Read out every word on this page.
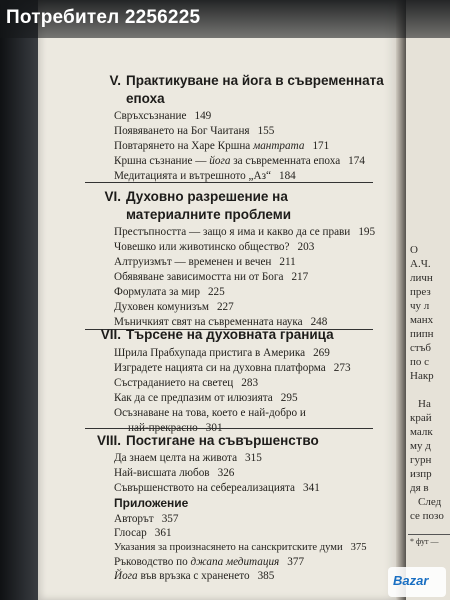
V. Практикуване на йога в съвременната епоха
Свръхсъзнание 149
Появяването на Бог Чаитаня 155
Повтарянето на Харе Кршна мантрата 171
Кршна съзнание — йога за съвременната епоха 174
Медитацията и вътрешното „Аз“ 184
VI. Духовно разрешение на материалните проблеми
Престъпността — защо я има и какво да се прави 195
Човешко или животинско общество? 203
Алтруизмът — временен и вечен 211
Обявяване зависимостта ни от Бога 217
Формулата за мир 225
Духовен комунизъм 227
Мъничкият свят на съвременната наука 248
VII. Търсене на духовната граница
Шрила Прабхупада пристига в Америка 269
Изградете нацията си на духовна платформа 273
Състраданието на светец 283
Как да се предпазим от илюзията 295
Осъзнаване на това, което е най-добро и
най-прекрасно 301
VIII. Постигане на съвършенство
Да знаем целта на живота 315
Най-висшата любов 326
Съвършенството на себереализацията 341
Приложение
Авторът 357
Глосар 361
Указания за произнасянето на санскритските думи 375
Ръководство по джапа медитация 377
Йога във връзка с храненето 385
О
А.Ч.
личн
през
чу л
манх
пипн
стъб
по с
Накр
На
край
малк
му д
гурн
изпр
дя в
След
се позо
* фут —
Потребител 2256225
Bazar
